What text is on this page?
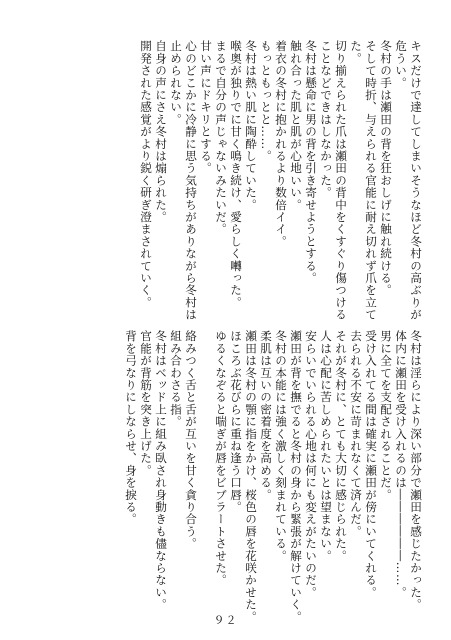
キスだけで達してしまいそうなほど冬村の高ぶりが
危うい。
冬村の手は瀬田の背を狂おしげに触れ続ける。
そして時折、与えられる官能に耐え切れず爪を立て
た。
切り揃えられた爪は瀬田の背中をくすぐり傷つける
ことなどできはしなかった。
冬村は懸命に男の背を引き寄せようとする。
触れ合った肌と肌が心地いい。
着衣の冬村に抱かれるより数倍イイ。
もっともっとと……。
冬村は熱い肌に陶酔していた。
喉奥が独りでに甘く鳴き続け、愛らしく囀った。
まるで自分の声じゃないみたいだ。
甘い声にドキリとする。
心のどこかに冷静に思う気持ちがありながら冬村は
止められない。
自身の声にさえ冬村は煽られた。
開発された感覚がより鋭く研ぎ澄まされていく。
冬村は淫らにより深い部分で瀬田を感じたかった。
体内に瀬田を受け入れるのは――――――……。
男に全てを支配されることだ。
受け入れてる間は確実に瀬田が傍にいてくれる。
去られる不安に苛まれなくて済んだ。
それが冬村に、とても大切に感じられた。
人は心配に苦しめられたいとは望まない。
安らいでいられる心地は何にも変えがたいのだ。
瀬田が背を撫でると冬村の身から緊張が解けていく。
冬村の本能には強く激しく刻まれている。
柔肌は互いの密着度を高める。
瀬田は冬村の顎に指をかけ、桜色の唇を花咲かせた。
ほころぶ花びらに重ね逢う口唇。
ゆるくなぞると喘ぎが唇をビブラートさせた。

絡みつく舌と舌が互いを甘く貪り合う。
組み合わさる指。
冬村はベッド上に組み臥され身動きも儘ならない。
官能が背筋を突き上げた。
背を弓なりにしならせ、身を捩る。
９２
